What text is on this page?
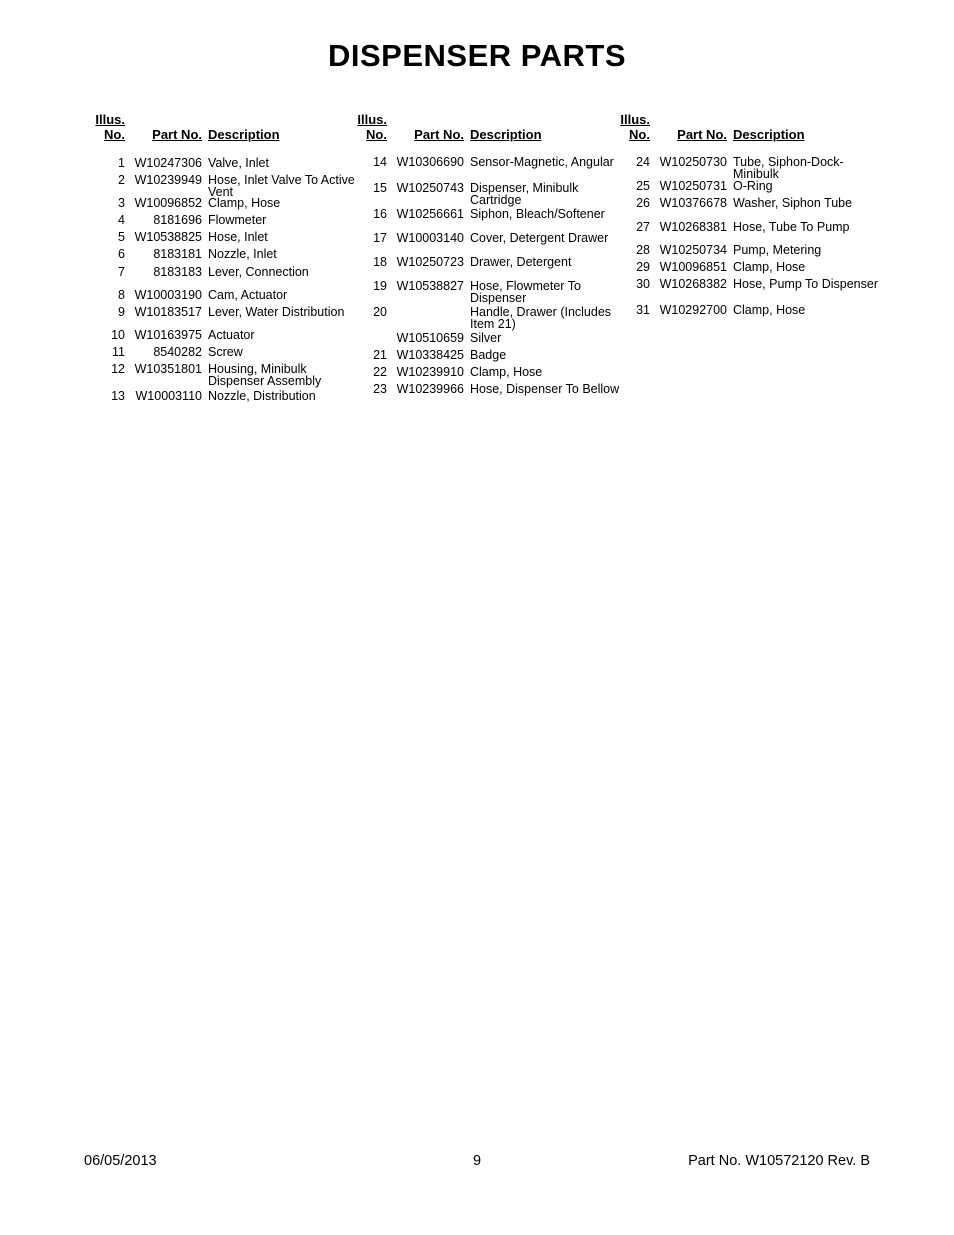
DISPENSER PARTS
Illus.
No.	Part No. Description
1 W10247306 Valve, Inlet
2 W10239949 Hose, Inlet Valve To Active Vent
3 W10096852 Clamp, Hose
4	8181696 Flowmeter
5 W10538825 Hose, Inlet
6	8183181 Nozzle, Inlet
7	8183183 Lever, Connection
8 W10003190 Cam, Actuator
9 W10183517 Lever, Water Distribution
10 W10163975 Actuator
11	8540282 Screw
12 W10351801 Housing, Minibulk Dispenser Assembly
13 W10003110 Nozzle, Distribution
Illus.
No.	Part No. Description
14 W10306690 Sensor-Magnetic, Angular
15 W10250743 Dispenser, Minibulk Cartridge
16 W10256661 Siphon, Bleach/Softener
17 W10003140 Cover, Detergent Drawer
18 W10250723 Drawer, Detergent
19 W10538827 Hose, Flowmeter To Dispenser
20	Handle, Drawer (Includes Item 21)
W10510659 Silver
21 W10338425 Badge
22 W10239910 Clamp, Hose
23 W10239966 Hose, Dispenser To Bellow
Illus.
No.	Part No. Description
24 W10250730 Tube, Siphon-Dock-Minibulk
25 W10250731 O-Ring
26 W10376678 Washer, Siphon Tube
27 W10268381 Hose, Tube To Pump
28 W10250734 Pump, Metering
29 W10096851 Clamp, Hose
30 W10268382 Hose, Pump To Dispenser
31 W10292700 Clamp, Hose
06/05/2013	9	Part No. W10572120 Rev. B
